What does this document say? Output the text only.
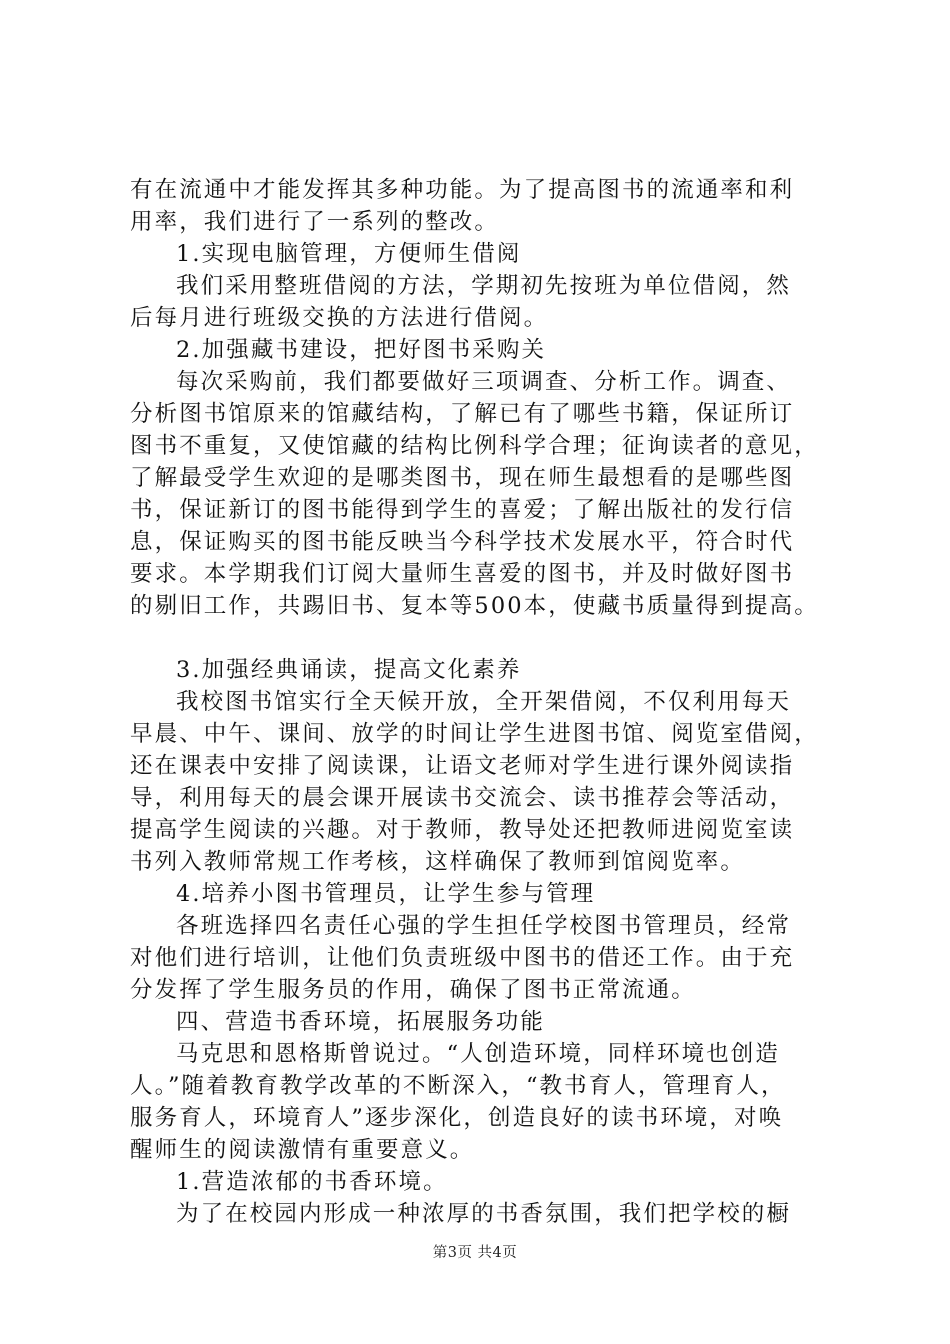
有在流通中才能发挥其多种功能。为了提高图书的流通率和利
用率，我们进行了一系列的整改。
1.实现电脑管理，方便师生借阅
我们采用整班借阅的方法，学期初先按班为单位借阅，然
后每月进行班级交换的方法进行借阅。
2.加强藏书建设，把好图书采购关
每次采购前，我们都要做好三项调查、分析工作。调查、
分析图书馆原来的馆藏结构，了解已有了哪些书籍，保证所订
图书不重复，又使馆藏的结构比例科学合理；征询读者的意见，
了解最受学生欢迎的是哪类图书，现在师生最想看的是哪些图
书，保证新订的图书能得到学生的喜爱；了解出版社的发行信
息，保证购买的图书能反映当今科学技术发展水平，符合时代
要求。本学期我们订阅大量师生喜爱的图书，并及时做好图书
的剔旧工作，共踢旧书、复本等500本，使藏书质量得到提高。
3.加强经典诵读，提高文化素养
我校图书馆实行全天候开放，全开架借阅，不仅利用每天
早晨、中午、课间、放学的时间让学生进图书馆、阅览室借阅，
还在课表中安排了阅读课，让语文老师对学生进行课外阅读指
导，利用每天的晨会课开展读书交流会、读书推荐会等活动，
提高学生阅读的兴趣。对于教师，教导处还把教师进阅览室读
书列入教师常规工作考核，这样确保了教师到馆阅览率。
4.培养小图书管理员，让学生参与管理
各班选择四名责任心强的学生担任学校图书管理员，经常
对他们进行培训，让他们负责班级中图书的借还工作。由于充
分发挥了学生服务员的作用，确保了图书正常流通。
四、营造书香环境，拓展服务功能
马克思和恩格斯曾说过。“人创造环境，同样环境也创造
人。”随着教育教学改革的不断深入，“教书育人，管理育人，
服务育人，环境育人”逐步深化，创造良好的读书环境，对唤
醒师生的阅读激情有重要意义。
1.营造浓郁的书香环境。
为了在校园内形成一种浓厚的书香氛围，我们把学校的橱
第3页 共4页
